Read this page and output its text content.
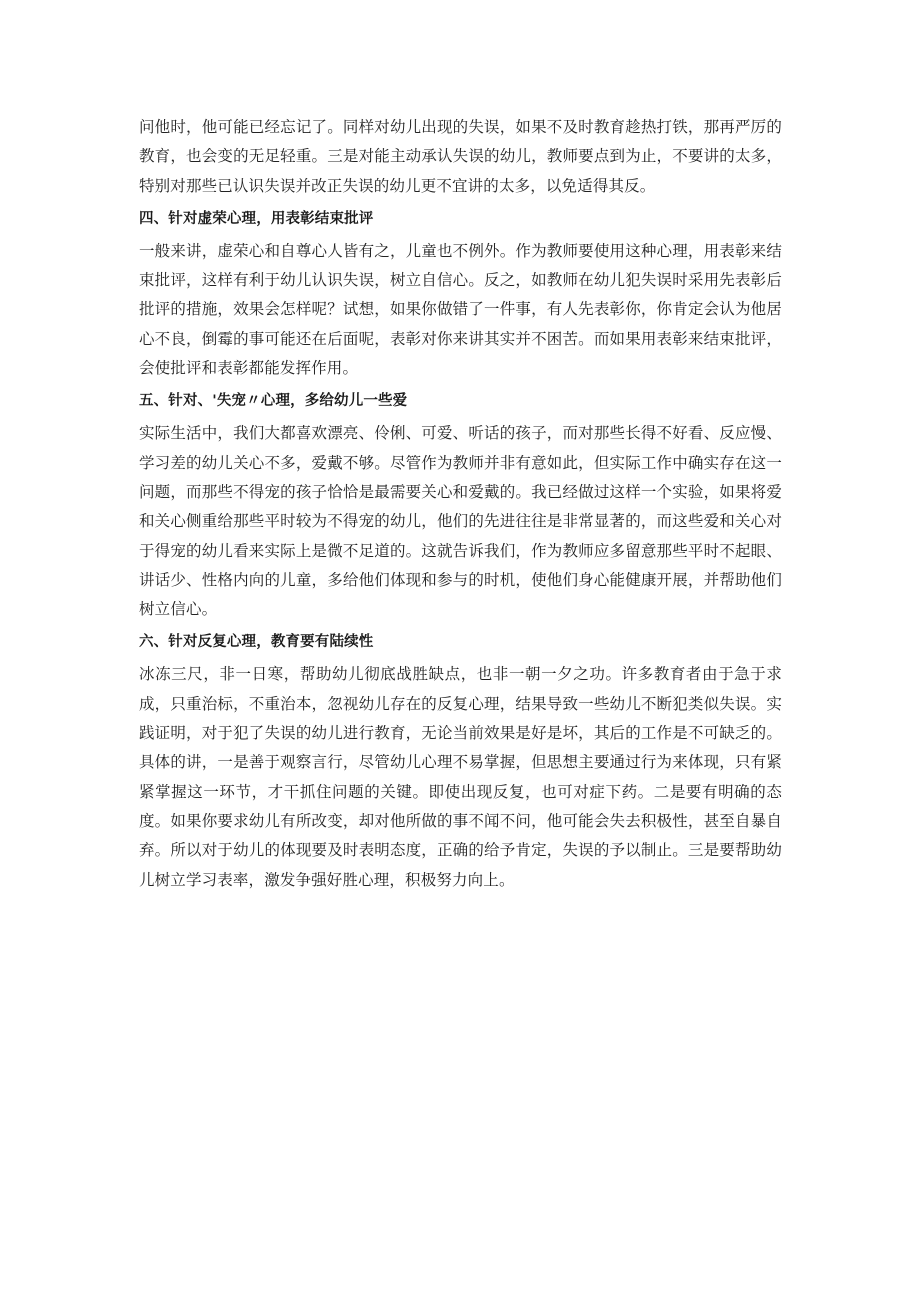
问他时，他可能已经忘记了。同样对幼儿出现的失误，如果不及时教育趁热打铁，那再严厉的教育，也会变的无足轻重。三是对能主动承认失误的幼儿，教师要点到为止，不要讲的太多，特别对那些已认识失误并改正失误的幼儿更不宜讲的太多，以免适得其反。

四、针对虚荣心理，用表彰结束批评

一般来讲，虚荣心和自尊心人皆有之，儿童也不例外。作为教师要使用这种心理，用表彰来结束批评，这样有利于幼儿认识失误，树立自信心。反之，如教师在幼儿犯失误时采用先表彰后批评的措施，效果会怎样呢？试想，如果你做错了一件事，有人先表彰你，你肯定会认为他居心不良，倒霉的事可能还在后面呢，表彰对你来讲其实并不困苦。而如果用表彰来结束批评，会使批评和表彰都能发挥作用。

五、针对、'失宠〃心理，多给幼儿一些爱

实际生活中，我们大都喜欢漂亮、伶俐、可爱、听话的孩子，而对那些长得不好看、反应慢、学习差的幼儿关心不多，爱戴不够。尽管作为教师并非有意如此，但实际工作中确实存在这一问题，而那些不得宠的孩子恰恰是最需要关心和爱戴的。我已经做过这样一个实验，如果将爱和关心侧重给那些平时较为不得宠的幼儿，他们的先进往往是非常显著的，而这些爱和关心对于得宠的幼儿看来实际上是微不足道的。这就告诉我们，作为教师应多留意那些平时不起眼、讲话少、性格内向的儿童，多给他们体现和参与的时机，使他们身心能健康开展，并帮助他们树立信心。

六、针对反复心理，教育要有陆续性

冰冻三尺，非一日寒，帮助幼儿彻底战胜缺点，也非一朝一夕之功。许多教育者由于急于求成，只重治标，不重治本，忽视幼儿存在的反复心理，结果导致一些幼儿不断犯类似失误。实践证明，对于犯了失误的幼儿进行教育，无论当前效果是好是坏，其后的工作是不可缺乏的。具体的讲，一是善于观察言行，尽管幼儿心理不易掌握，但思想主要通过行为来体现，只有紧紧掌握这一环节，才干抓住问题的关键。即使出现反复，也可对症下药。二是要有明确的态度。如果你要求幼儿有所改变，却对他所做的事不闻不问，他可能会失去积极性，甚至自暴自弃。所以对于幼儿的体现要及时表明态度，正确的给予肯定，失误的予以制止。三是要帮助幼儿树立学习表率，激发争强好胜心理，积极努力向上。
